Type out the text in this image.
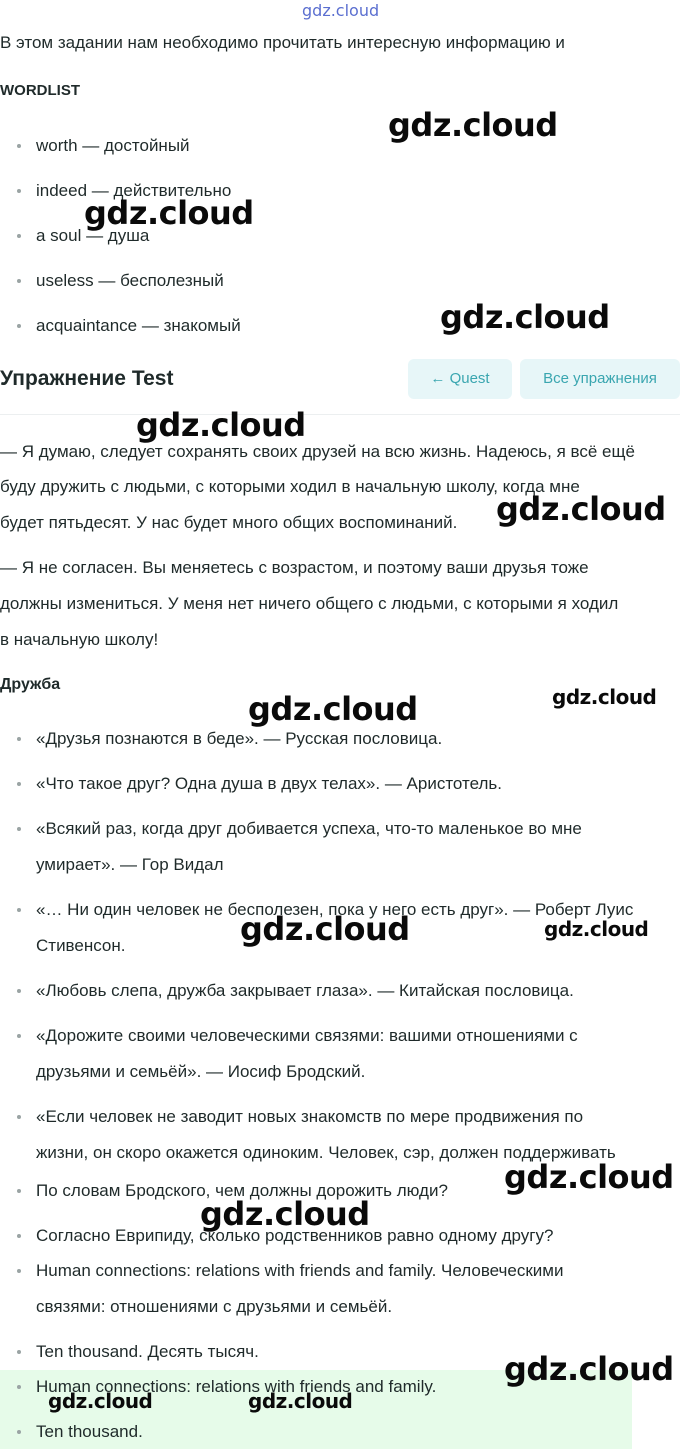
gdz.cloud
В этом задании нам необходимо прочитать интересную информацию и
WORDLIST
worth — достойный
indeed — действительно
a soul — душа
useless — бесполезный
acquaintance — знакомый
Упражнение Test	← Quest	Все упражнения
— Я думаю, следует сохранять своих друзей на всю жизнь. Надеюсь, я всё ещё
буду дружить с людьми, с которыми ходил в начальную школу, когда мне
будет пятьдесят. У нас будет много общих воспоминаний.
— Я не согласен. Вы меняетесь с возрастом, и поэтому ваши друзья тоже
должны измениться. У меня нет ничего общего с людьми, с которыми я ходил
в начальную школу!
Дружба
«Друзья познаются в беде». — Русская пословица.
«Что такое друг? Одна душа в двух телах». — Аристотель.
«Всякий раз, когда друг добивается успеха, что-то маленькое во мне
умирает». — Гор Видал
«… Ни один человек не бесполезен, пока у него есть друг». — Роберт Луис
Стивенсон.
«Любовь слепа, дружба закрывает глаза». — Китайская пословица.
«Дорожите своими человеческими связями: вашими отношениями с
друзьями и семьёй». — Иосиф Бродский.
«Если человек не заводит новых знакомств по мере продвижения по
жизни, он скоро окажется одиноким. Человек, сэр, должен поддерживать
По словам Бродского, чем должны дорожить люди?
Согласно Еврипиду, сколько родственников равно одному другу?
Human connections: relations with friends and family. Человеческими
связями: отношениями с друзьями и семьёй.
Ten thousand. Десять тысяч.
Human connections: relations with friends and family.
Ten thousand.
gdz.cloud
gdz.cloud
gdz.cloud
gdz.cloud
gdz.cloud
gdz.cloud
gdz.cloud
gdz.cloud	gdz.cloud
gdz.cloud
gdz.cloud
gdz.cloud
gdz.cloud	gdz.cloud
